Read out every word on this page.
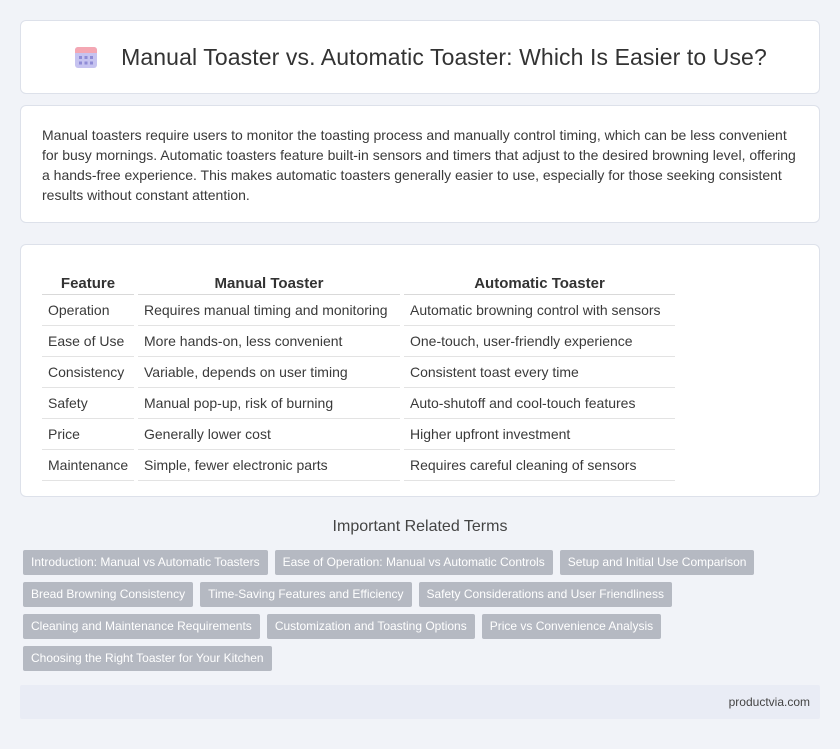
Manual Toaster vs. Automatic Toaster: Which Is Easier to Use?

Manual toasters require users to monitor the toasting process and manually control timing, which can be less convenient for busy mornings. Automatic toasters feature built-in sensors and timers that adjust to the desired browning level, offering a hands-free experience. This makes automatic toasters generally easier to use, especially for those seeking consistent results without constant attention.

Feature	Manual Toaster	Automatic Toaster
Operation	Requires manual timing and monitoring	Automatic browning control with sensors
Ease of Use	More hands-on, less convenient	One-touch, user-friendly experience
Consistency	Variable, depends on user timing	Consistent toast every time
Safety	Manual pop-up, risk of burning	Auto-shutoff and cool-touch features
Price	Generally lower cost	Higher upfront investment
Maintenance	Simple, fewer electronic parts	Requires careful cleaning of sensors
Important Related Terms
Introduction: Manual vs Automatic Toasters	Ease of Operation: Manual vs Automatic Controls	Setup and Initial Use Comparison
Bread Browning Consistency	Time-Saving Features and Efficiency	Safety Considerations and User Friendliness
Cleaning and Maintenance Requirements	Customization and Toasting Options	Price vs Convenience Analysis
Choosing the Right Toaster for Your Kitchen
productvia.com
